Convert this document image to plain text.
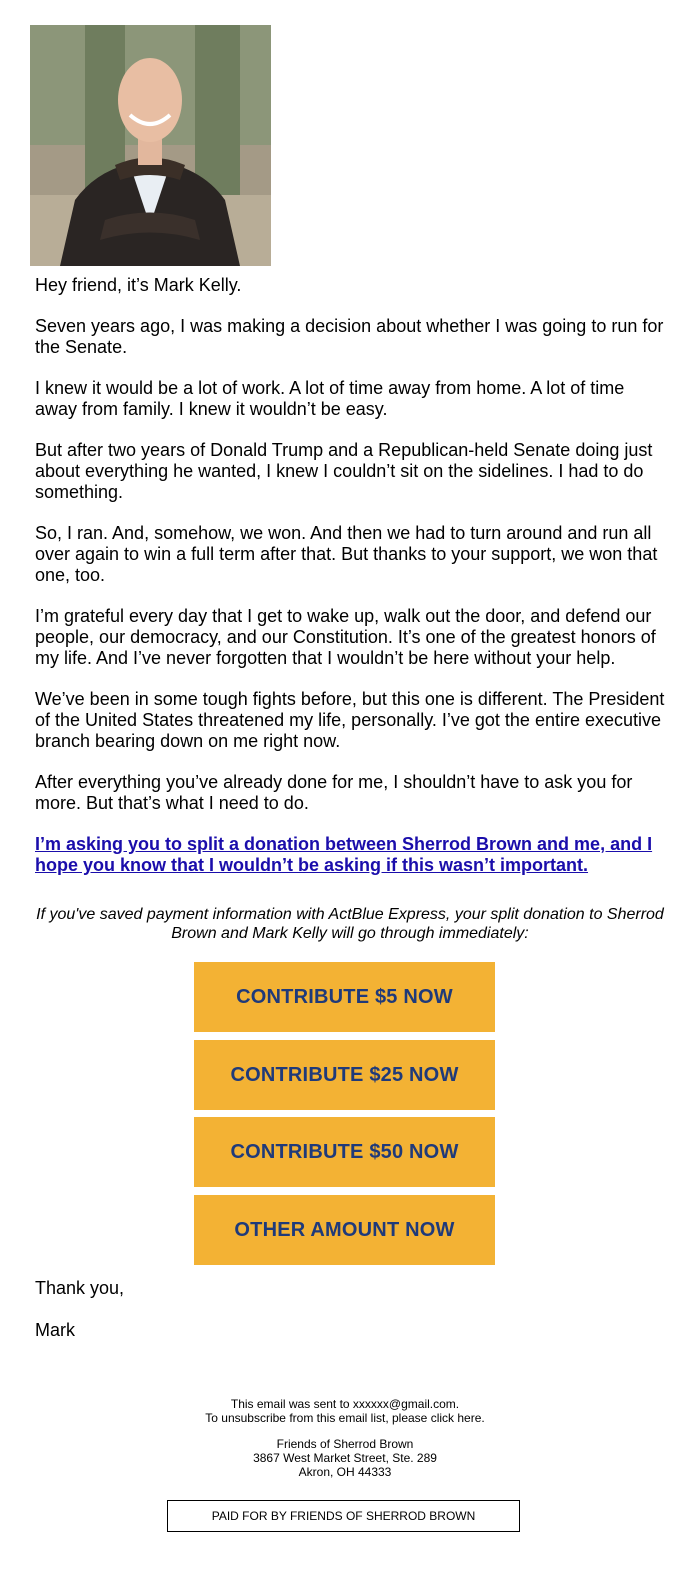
Hey friend, it’s Mark Kelly.

Seven years ago, I was making a decision about whether I was going to run for the Senate.

I knew it would be a lot of work. A lot of time away from home. A lot of time away from family. I knew it wouldn’t be easy.

But after two years of Donald Trump and a Republican-held Senate doing just about everything he wanted, I knew I couldn’t sit on the sidelines. I had to do something.

So, I ran. And, somehow, we won. And then we had to turn around and run all over again to win a full term after that. But thanks to your support, we won that one, too.

I’m grateful every day that I get to wake up, walk out the door, and defend our people, our democracy, and our Constitution. It’s one of the greatest honors of my life. And I’ve never forgotten that I wouldn’t be here without your help.

We’ve been in some tough fights before, but this one is different. The President of the United States threatened my life, personally. I’ve got the entire executive branch bearing down on me right now.

After everything you’ve already done for me, I shouldn’t have to ask you for more. But that’s what I need to do.

I’m asking you to split a donation between Sherrod Brown and me, and I hope you know that I wouldn’t be asking if this wasn’t important.
If you've saved payment information with ActBlue Express, your split donation to Sherrod Brown and Mark Kelly will go through immediately:
CONTRIBUTE $5 NOW
CONTRIBUTE $25 NOW
CONTRIBUTE $50 NOW
OTHER AMOUNT NOW
Thank you,
Mark
This email was sent to xxxxxx@gmail.com.
To unsubscribe from this email list, please click here.
Friends of Sherrod Brown
3867 West Market Street, Ste. 289
Akron, OH 44333
PAID FOR BY FRIENDS OF SHERROD BROWN
